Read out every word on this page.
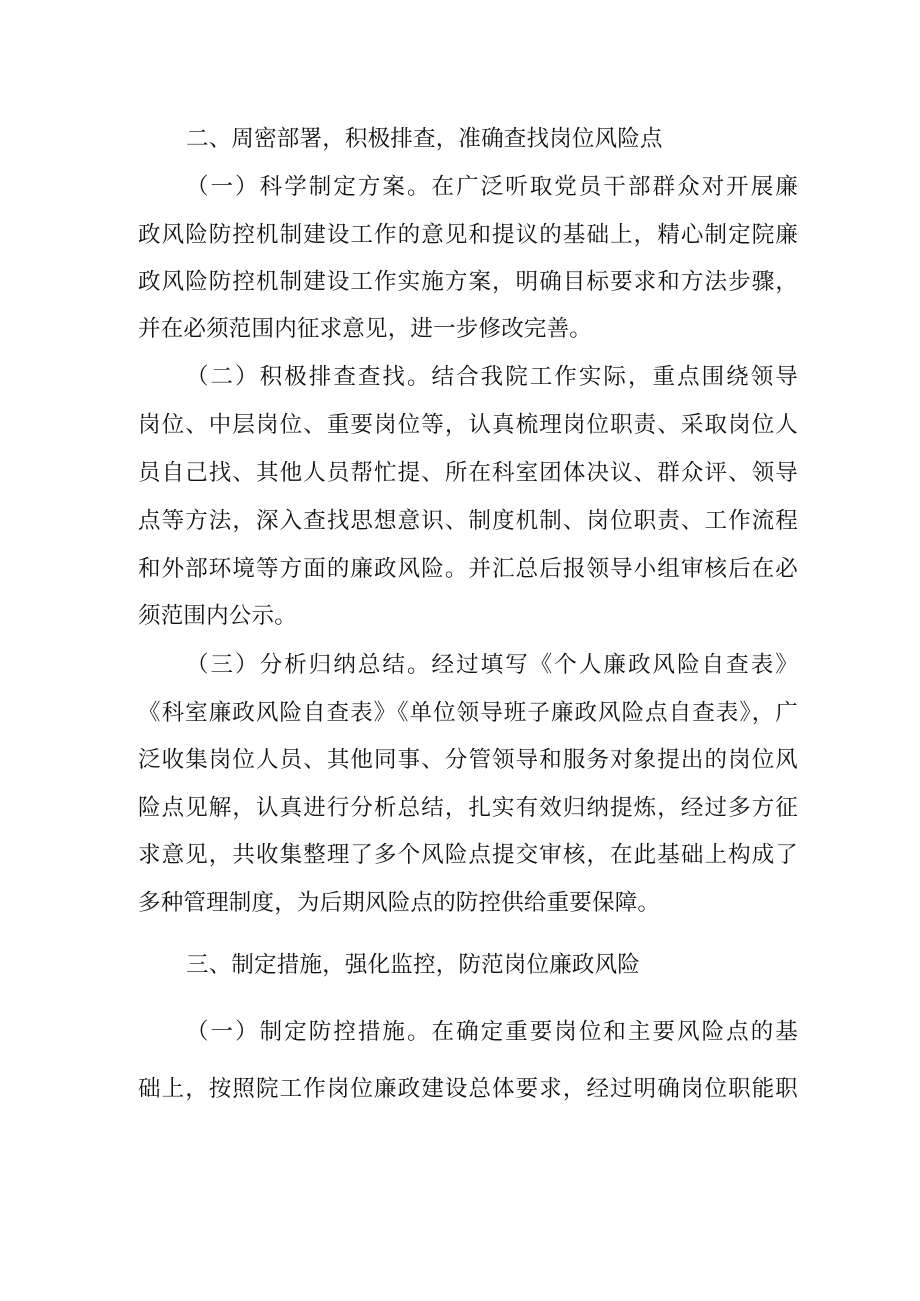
二、周密部署，积极排查，准确查找岗位风险点
（一）科学制定方案。在广泛听取党员干部群众对开展廉
政风险防控机制建设工作的意见和提议的基础上，精心制定院廉
政风险防控机制建设工作实施方案，明确目标要求和方法步骤，
并在必须范围内征求意见，进一步修改完善。
（二）积极排查查找。结合我院工作实际，重点围绕领导
岗位、中层岗位、重要岗位等，认真梳理岗位职责、采取岗位人
员自己找、其他人员帮忙提、所在科室团体决议、群众评、领导
点等方法，深入查找思想意识、制度机制、岗位职责、工作流程
和外部环境等方面的廉政风险。并汇总后报领导小组审核后在必
须范围内公示。
（三）分析归纳总结。经过填写《个人廉政风险自查表》
《科室廉政风险自查表》《单位领导班子廉政风险点自查表》，广
泛收集岗位人员、其他同事、分管领导和服务对象提出的岗位风
险点见解，认真进行分析总结，扎实有效归纳提炼，经过多方征
求意见，共收集整理了多个风险点提交审核，在此基础上构成了
多种管理制度，为后期风险点的防控供给重要保障。
三、制定措施，强化监控，防范岗位廉政风险
（一）制定防控措施。在确定重要岗位和主要风险点的基
础上，按照院工作岗位廉政建设总体要求，经过明确岗位职能职
